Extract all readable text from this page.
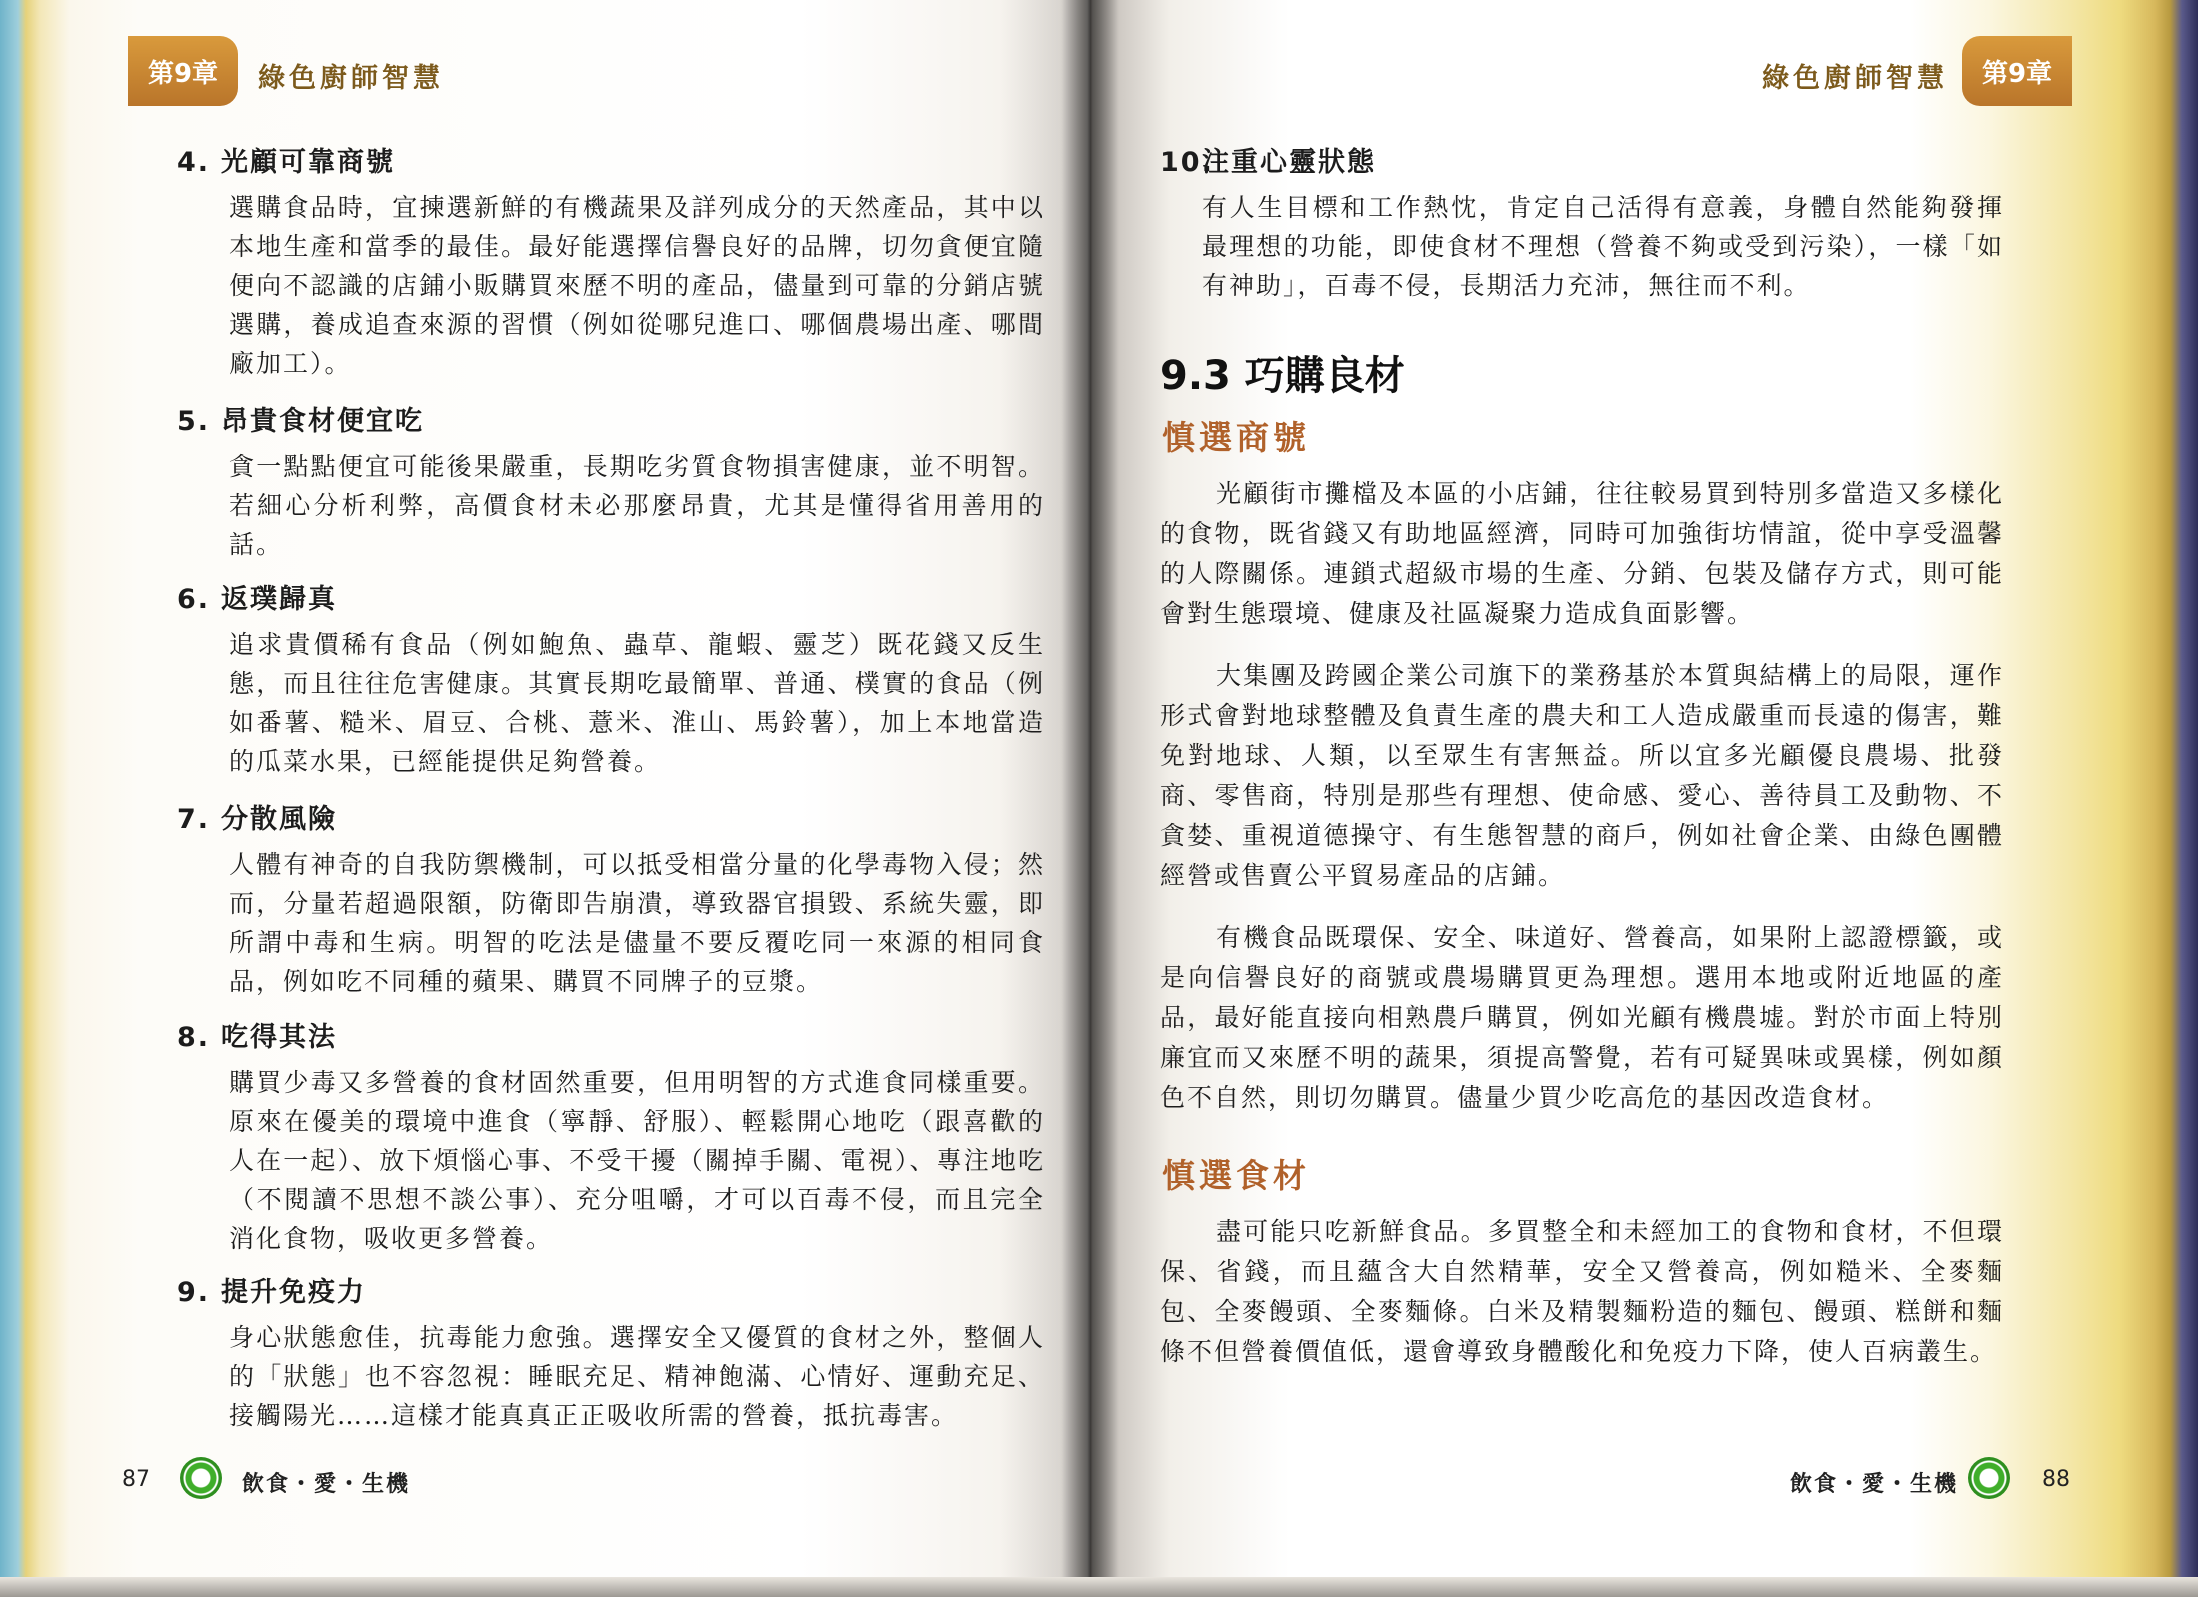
第9章	綠色廚師智慧
4. 光顧可靠商號

選購食品時，宜揀選新鮮的有機蔬果及詳列成分的天然產品，其中以本地生產和當季的最佳。最好能選擇信譽良好的品牌，切勿貪便宜隨便向不認識的店鋪小販購買來歷不明的產品，儘量到可靠的分銷店號選購，養成追查來源的習慣（例如從哪兒進口、哪個農場出產、哪間廠加工）。

5. 昂貴食材便宜吃

貪一點點便宜可能後果嚴重，長期吃劣質食物損害健康，並不明智。若細心分析利弊，高價食材未必那麼昂貴，尤其是懂得省用善用的話。

6. 返璞歸真

追求貴價稀有食品（例如鮑魚、蟲草、龍蝦、靈芝）既花錢又反生態，而且往往危害健康。其實長期吃最簡單、普通、樸實的食品（例如番薯、糙米、眉豆、合桃、薏米、淮山、馬鈴薯），加上本地當造的瓜菜水果，已經能提供足夠營養。

7. 分散風險

人體有神奇的自我防禦機制，可以抵受相當分量的化學毒物入侵；然而，分量若超過限額，防衛即告崩潰，導致器官損毀、系統失靈，即所謂中毒和生病。明智的吃法是儘量不要反覆吃同一來源的相同食品，例如吃不同種的蘋果、購買不同牌子的豆漿。

8. 吃得其法

購買少毒又多營養的食材固然重要，但用明智的方式進食同樣重要。原來在優美的環境中進食（寧靜、舒服）、輕鬆開心地吃（跟喜歡的人在一起）、放下煩惱心事、不受干擾（關掉手關、電視）、專注地吃（不閱讀不思想不談公事）、充分咀嚼，才可以百毒不侵，而且完全消化食物，吸收更多營養。

9. 提升免疫力

身心狀態愈佳，抗毒能力愈強。選擇安全又優質的食材之外，整個人的「狀態」也不容忽視：睡眠充足、精神飽滿、心情好、運動充足、接觸陽光……這樣才能真真正正吸收所需的營養，抵抗毒害。

87	飲食・愛・生機
綠色廚師智慧	第9章
10.注重心靈狀態

有人生目標和工作熱忱，肯定自己活得有意義，身體自然能夠發揮最理想的功能，即使食材不理想（營養不夠或受到污染），一樣「如有神助」，百毒不侵，長期活力充沛，無往而不利。

9.3 巧購良材
慎選商號

光顧街市攤檔及本區的小店鋪，往往較易買到特別多當造又多樣化的食物，既省錢又有助地區經濟，同時可加強街坊情誼，從中享受溫馨的人際關係。連鎖式超級市場的生產、分銷、包裝及儲存方式，則可能會對生態環境、健康及社區凝聚力造成負面影響。

大集團及跨國企業公司旗下的業務基於本質與結構上的局限，運作形式會對地球整體及負責生產的農夫和工人造成嚴重而長遠的傷害，難免對地球、人類，以至眾生有害無益。所以宜多光顧優良農場、批發商、零售商，特別是那些有理想、使命感、愛心、善待員工及動物、不貪婪、重視道德操守、有生態智慧的商戶，例如社會企業、由綠色團體經營或售賣公平貿易產品的店鋪。

有機食品既環保、安全、味道好、營養高，如果附上認證標籤，或是向信譽良好的商號或農場購買更為理想。選用本地或附近地區的產品，最好能直接向相熟農戶購買，例如光顧有機農墟。對於市面上特別廉宜而又來歷不明的蔬果，須提高警覺，若有可疑異味或異樣，例如顏色不自然，則切勿購買。儘量少買少吃高危的基因改造食材。

慎選食材

盡可能只吃新鮮食品。多買整全和未經加工的食物和食材，不但環保、省錢，而且蘊含大自然精華，安全又營養高，例如糙米、全麥麵包、全麥饅頭、全麥麵條。白米及精製麵粉造的麵包、饅頭、糕餅和麵條不但營養價值低，還會導致身體酸化和免疫力下降，使人百病叢生。

飲食・愛・生機	88
